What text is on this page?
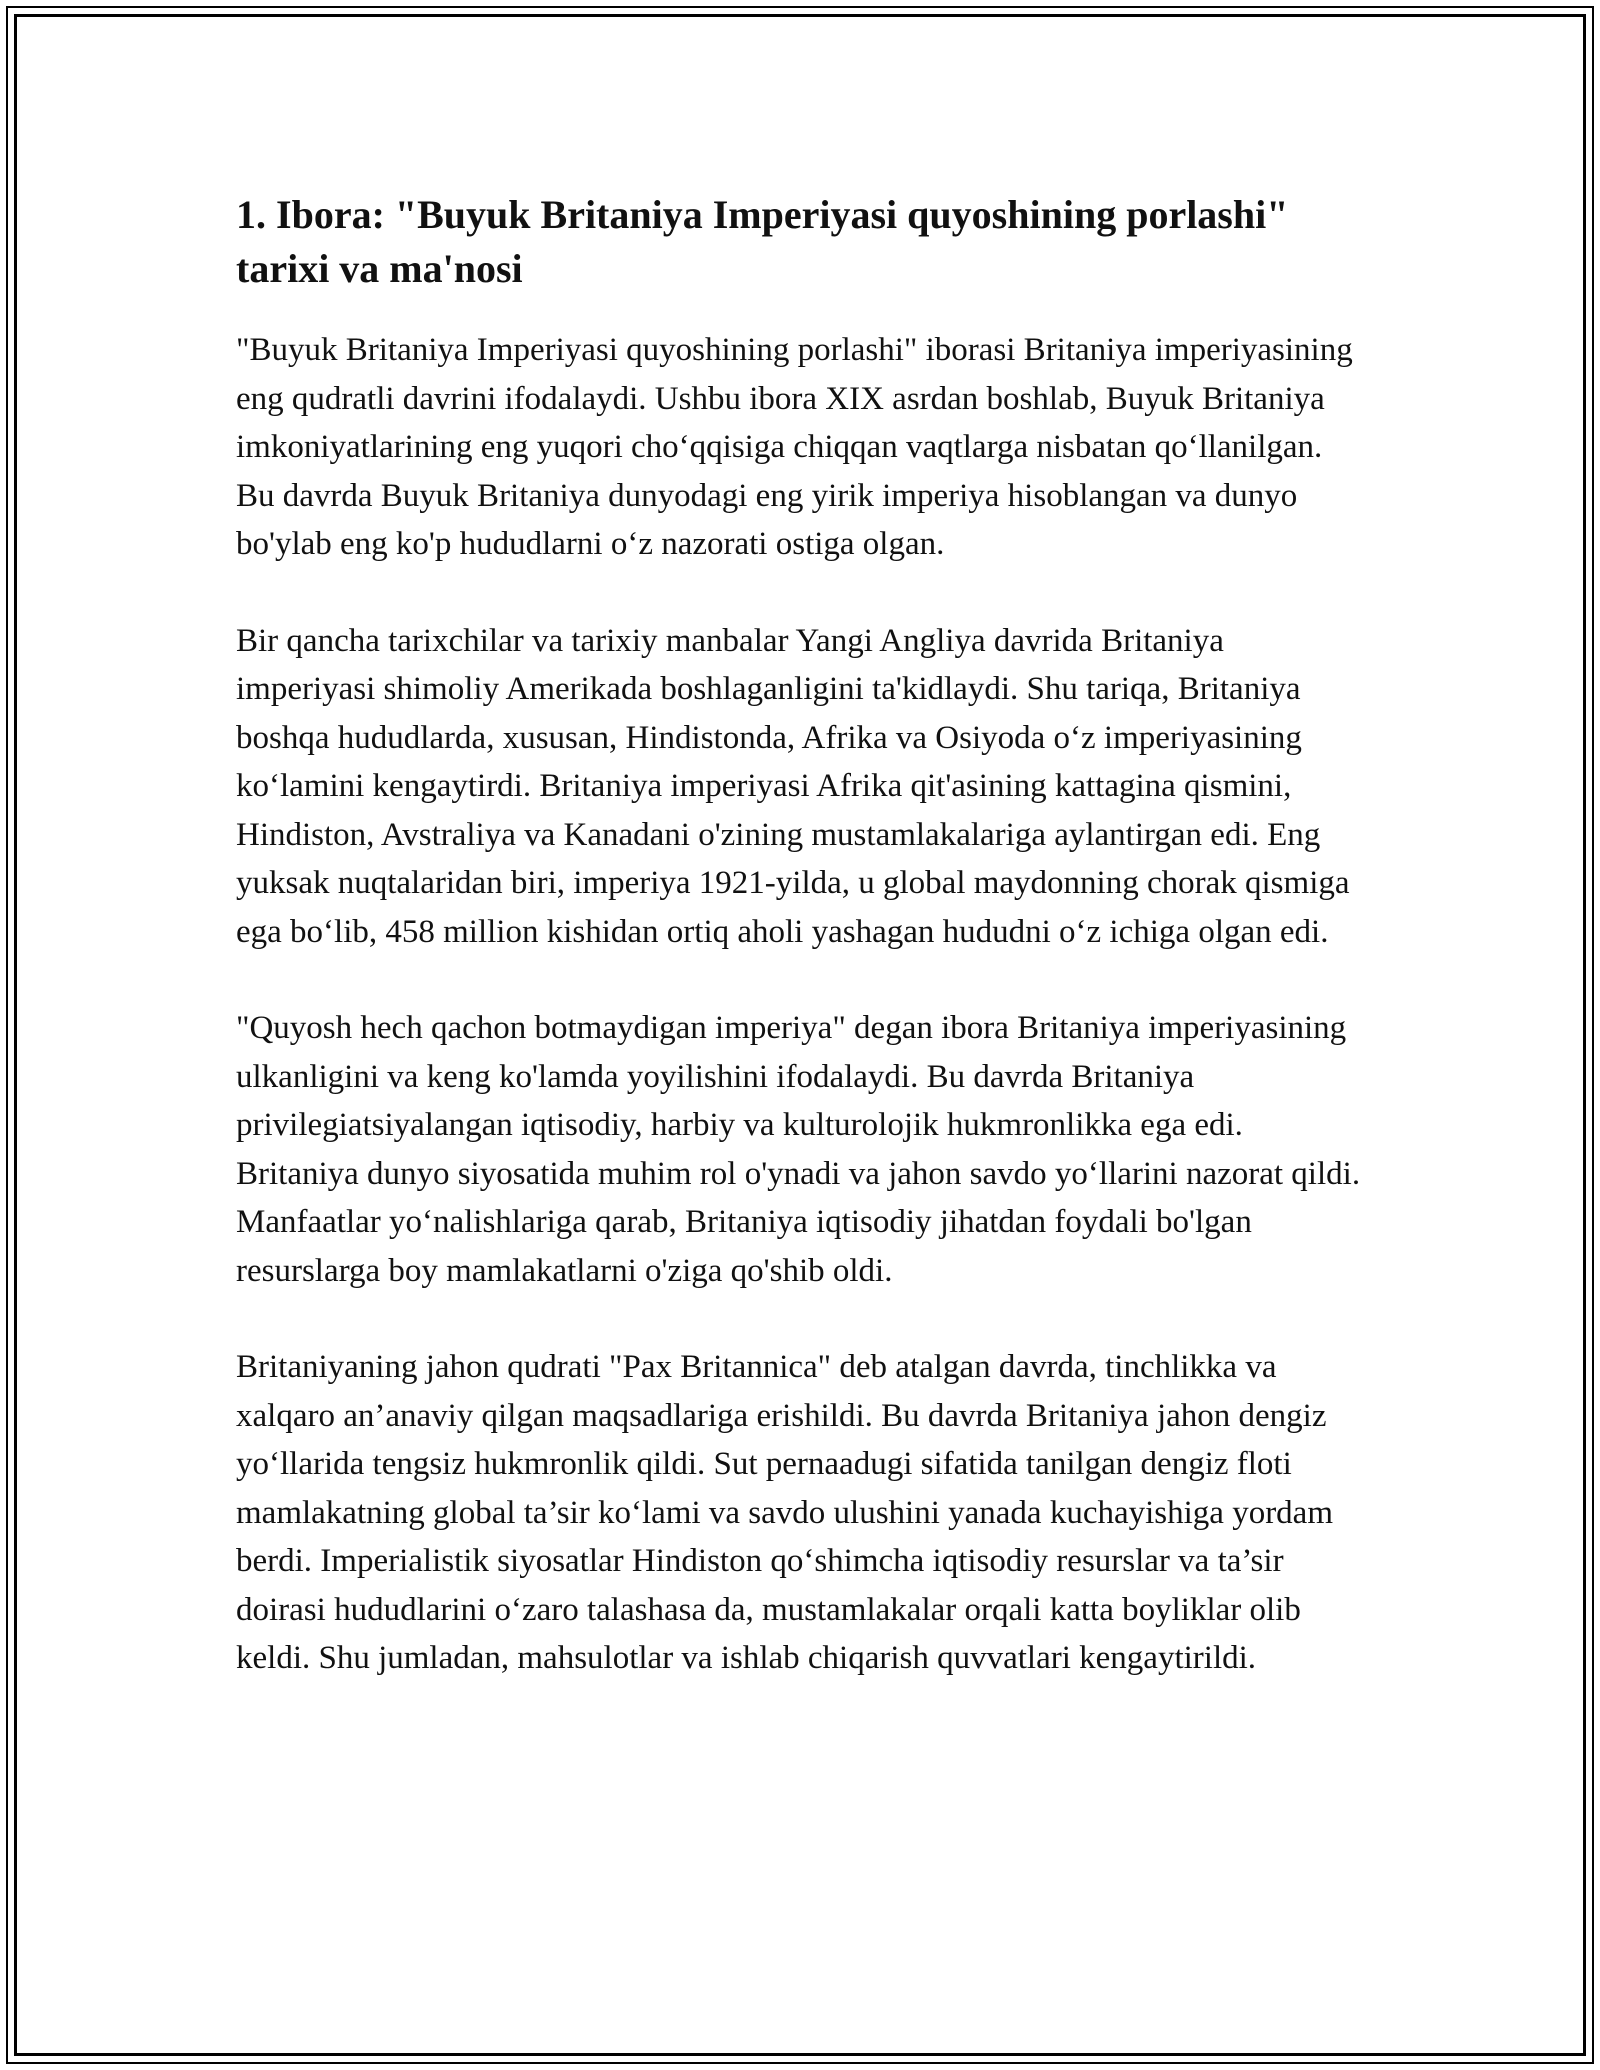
1. Ibora: "Buyuk Britaniya Imperiyasi quyoshining porlashi" tarixi va ma'nosi

"Buyuk Britaniya Imperiyasi quyoshining porlashi" iborasi Britaniya imperiyasining eng qudratli davrini ifodalaydi. Ushbu ibora XIX asrdan boshlab, Buyuk Britaniya imkoniyatlarining eng yuqori cho‘qqisiga chiqqan vaqtlarga nisbatan qo‘llanilgan. Bu davrda Buyuk Britaniya dunyodagi eng yirik imperiya hisoblangan va dunyo bo'ylab eng ko'p hududlarni o‘z nazorati ostiga olgan.

Bir qancha tarixchilar va tarixiy manbalar Yangi Angliya davrida Britaniya imperiyasi shimoliy Amerikada boshlaganligini ta'kidlaydi. Shu tariqa, Britaniya boshqa hududlarda, xususan, Hindistonda, Afrika va Osiyoda o‘z imperiyasining ko‘lamini kengaytirdi. Britaniya imperiyasi Afrika qit'asining kattagina qismini, Hindiston, Avstraliya va Kanadani o'zining mustamlakalariga aylantirgan edi. Eng yuksak nuqtalaridan biri, imperiya 1921-yilda, u global maydonning chorak qismiga ega bo‘lib, 458 million kishidan ortiq aholi yashagan hududni o‘z ichiga olgan edi.

"Quyosh hech qachon botmaydigan imperiya" degan ibora Britaniya imperiyasining ulkanligini va keng ko'lamda yoyilishini ifodalaydi. Bu davrda Britaniya privilegiatsiyalangan iqtisodiy, harbiy va kulturolojik hukmronlikka ega edi. Britaniya dunyo siyosatida muhim rol o'ynadi va jahon savdo yo‘llarini nazorat qildi. Manfaatlar yo‘nalishlariga qarab, Britaniya iqtisodiy jihatdan foydali bo'lgan resurslarga boy mamlakatlarni o'ziga qo'shib oldi.

Britaniyaning jahon qudrati "Pax Britannica" deb atalgan davrda, tinchlikka va xalqaro an’anaviy qilgan maqsadlariga erishildi. Bu davrda Britaniya jahon dengiz yo‘llarida tengsiz hukmronlik qildi. Sut pernaadugi sifatida tanilgan dengiz floti mamlakatning global ta’sir ko‘lami va savdo ulushini yanada kuchayishiga yordam berdi. Imperialistik siyosatlar Hindiston qo‘shimcha iqtisodiy resurslar va ta’sir doirasi hududlarini o‘zaro talashasa da, mustamlakalar orqali katta boyliklar olib keldi. Shu jumladan, mahsulotlar va ishlab chiqarish quvvatlari kengaytirildi.
